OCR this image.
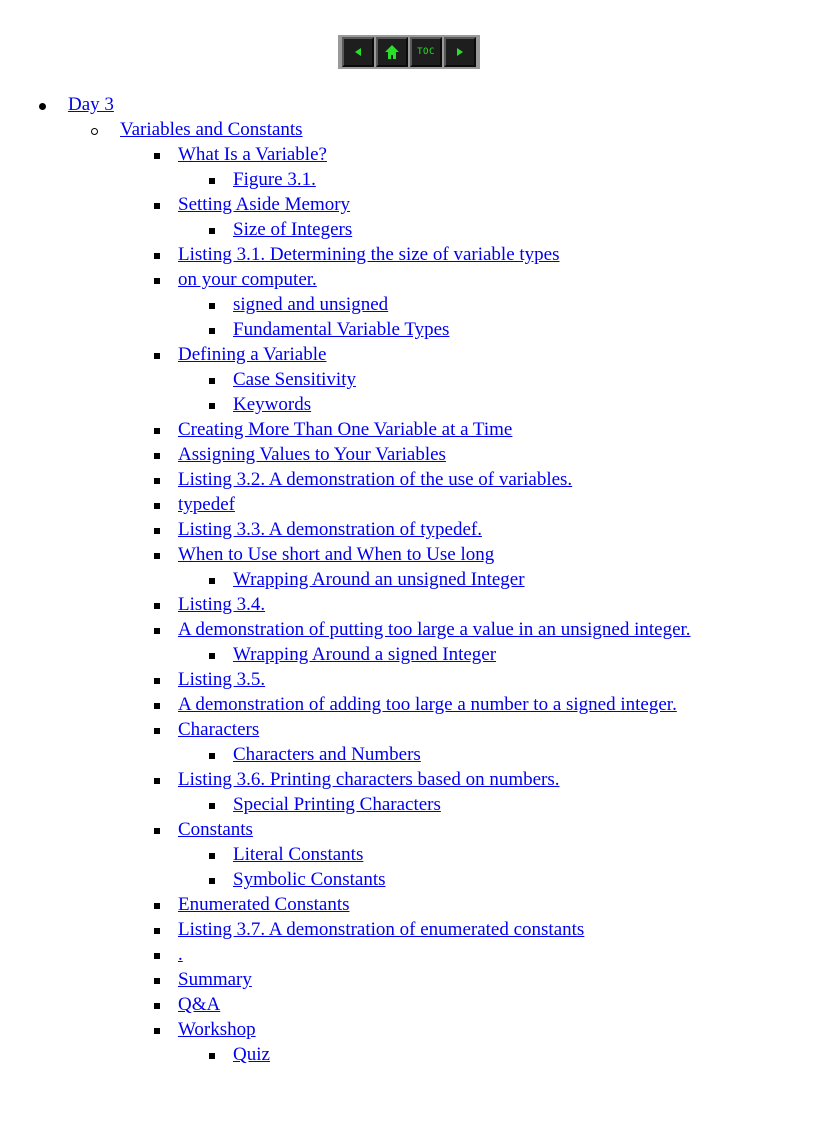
TOC
Day 3
Variables and Constants
What Is a Variable?
Figure 3.1.
Setting Aside Memory
Size of Integers
Listing 3.1. Determining the size of variable types
on your computer.
signed and unsigned
Fundamental Variable Types
Defining a Variable
Case Sensitivity
Keywords
Creating More Than One Variable at a Time
Assigning Values to Your Variables
Listing 3.2. A demonstration of the use of variables.
typedef
Listing 3.3. A demonstration of typedef.
When to Use short and When to Use long
Wrapping Around an unsigned Integer
Listing 3.4.
A demonstration of putting too large a value in an unsigned integer.
Wrapping Around a signed Integer
Listing 3.5.
A demonstration of adding too large a number to a signed integer.
Characters
Characters and Numbers
Listing 3.6. Printing characters based on numbers.
Special Printing Characters
Constants
Literal Constants
Symbolic Constants
Enumerated Constants
Listing 3.7. A demonstration of enumerated constants
.
Summary
Q&A
Workshop
Quiz
